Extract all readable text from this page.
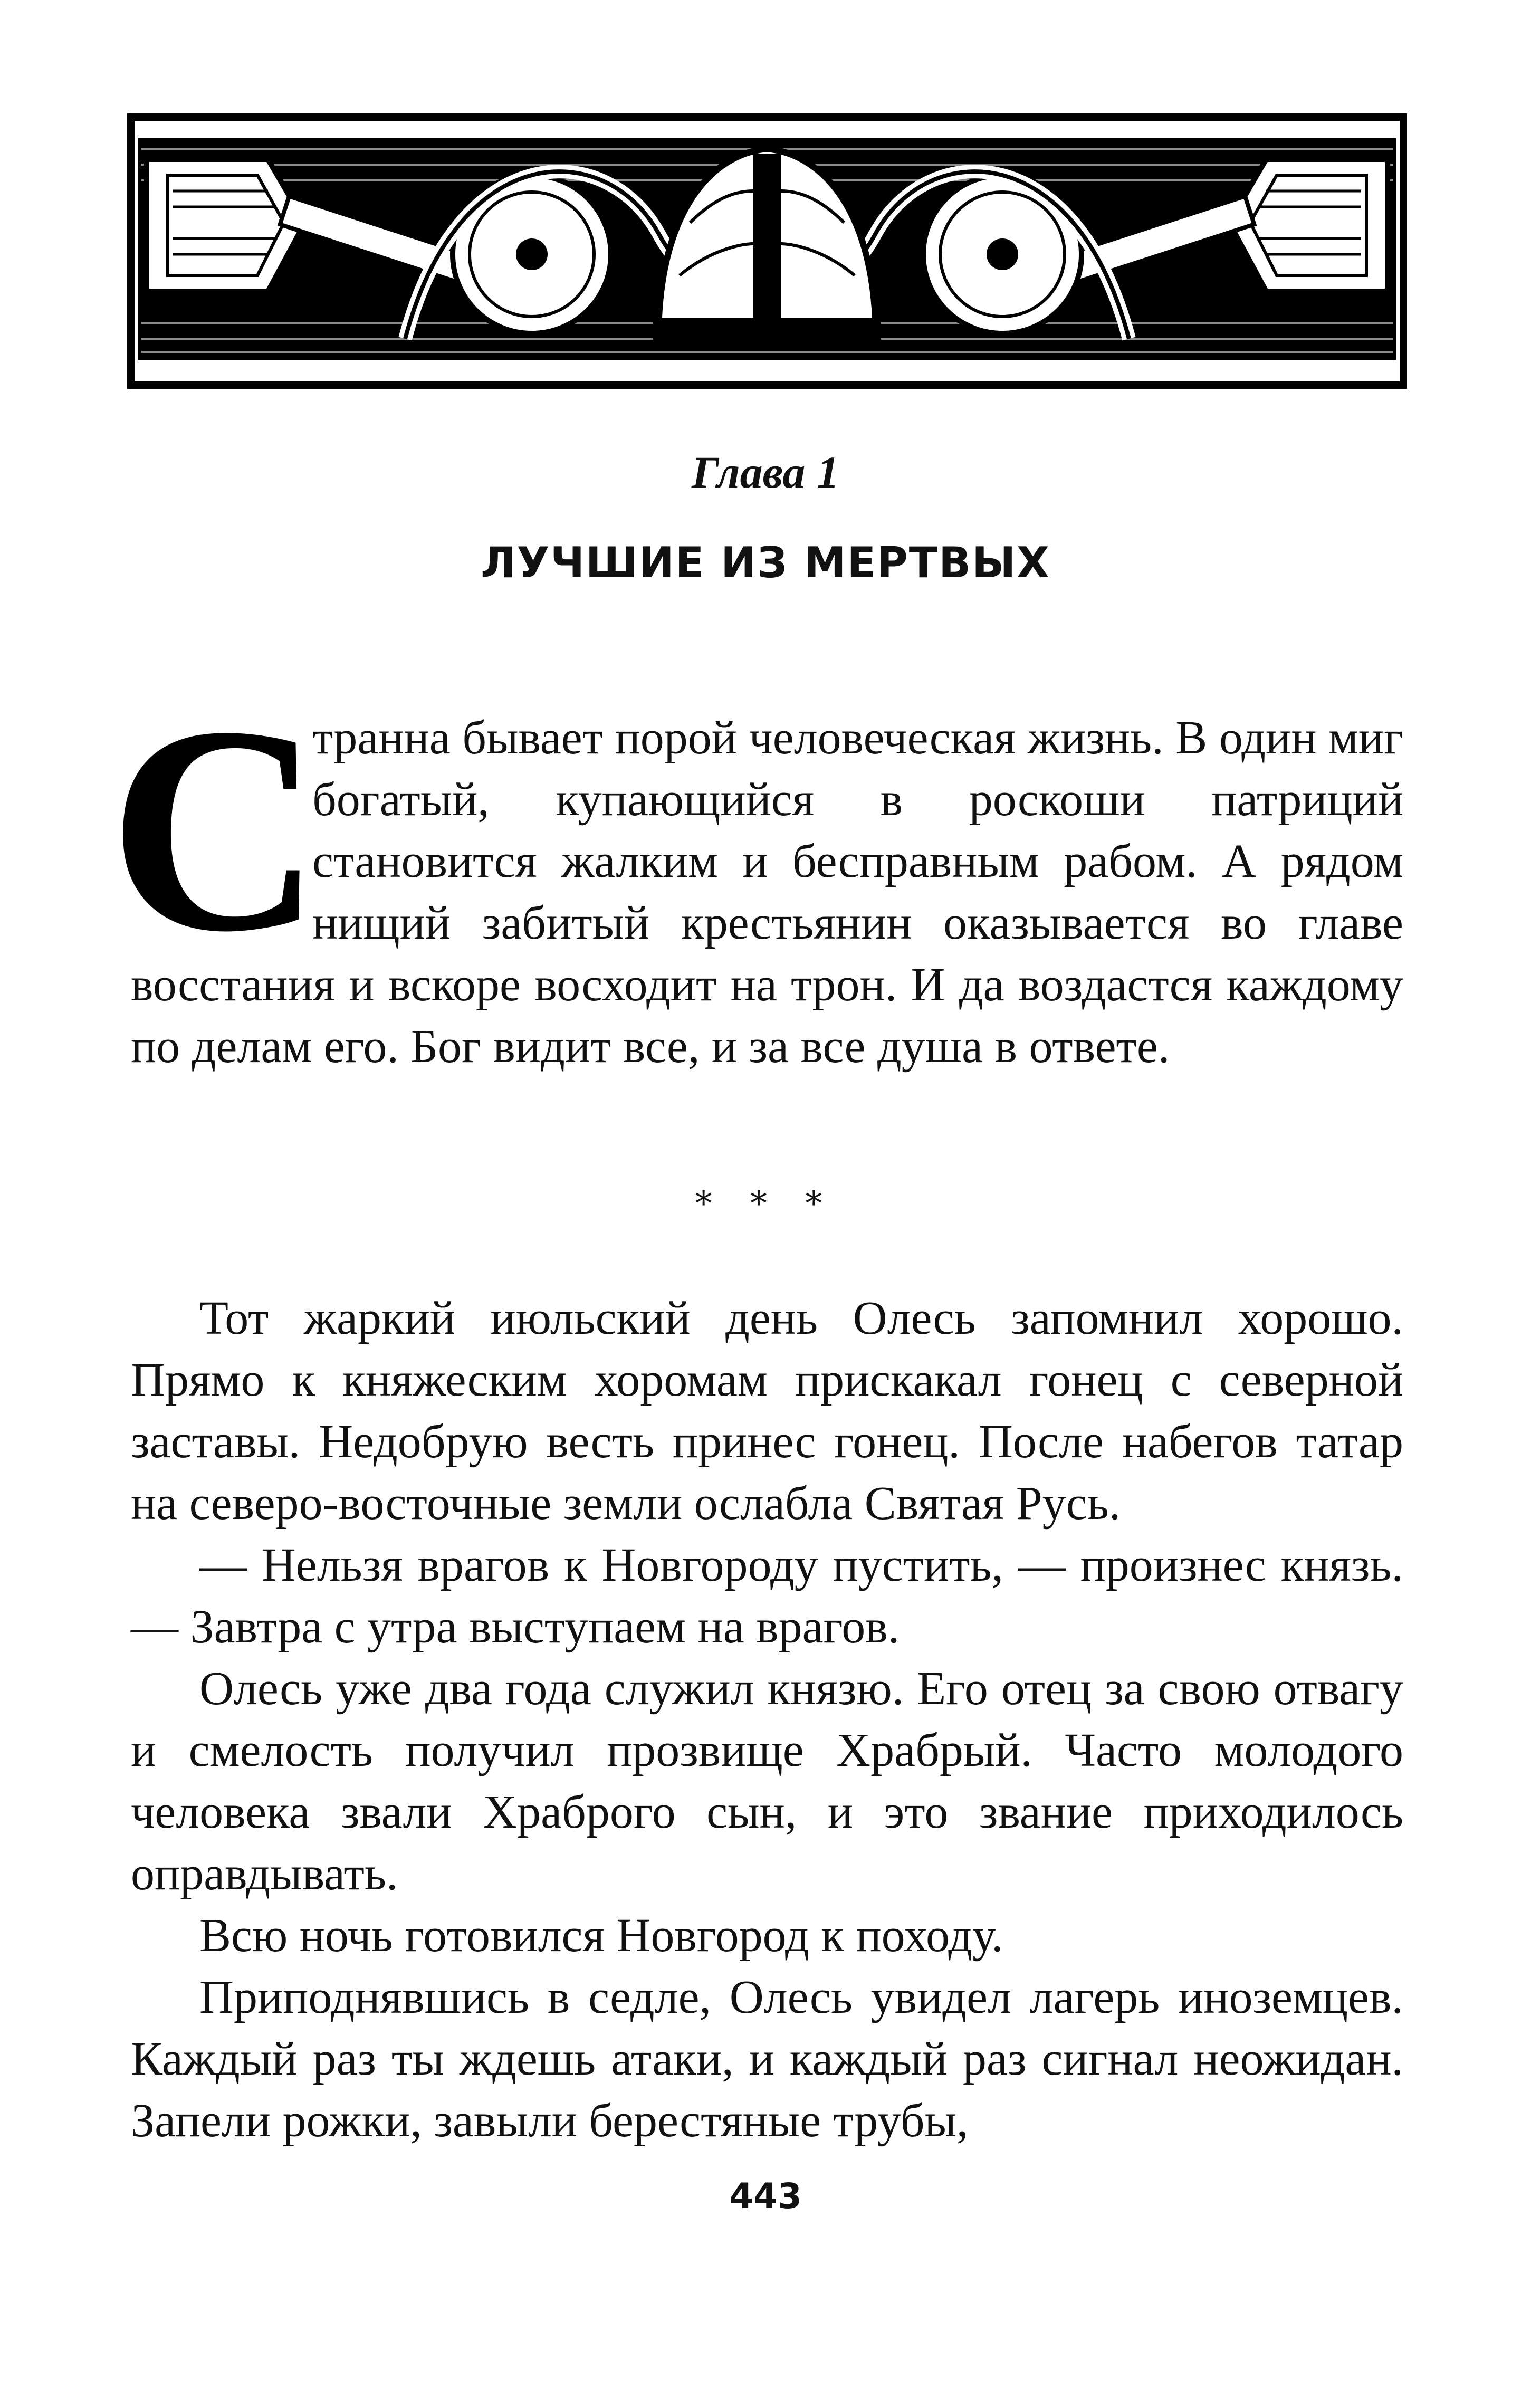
Глава 1
ЛУЧШИЕ ИЗ МЕРТВЫХ
С

транна бывает порой человеческая жизнь. В один миг богатый, купающийся в роскоши патриций становится жалким и бесправным рабом. А рядом нищий забитый крестьянин оказывается во главе восстания и вскоре восходит на трон. И да воздастся каждому по делам его. Бог видит все, и за все душа в ответе.

* * *

Тот жаркий июльский день Олесь запомнил хорошо. Прямо к княжеским хоромам прискакал гонец с северной заставы. Недобрую весть принес гонец. После набегов татар на северо-восточные земли ослабла Святая Русь.

— Нельзя врагов к Новгороду пустить, — произнес князь. — Завтра с утра выступаем на врагов.

Олесь уже два года служил князю. Его отец за свою отвагу и смелость получил прозвище Храбрый. Часто молодого человека звали Храброго сын, и это звание приходилось оправдывать.

Всю ночь готовился Новгород к походу.

Приподнявшись в седле, Олесь увидел лагерь иноземцев. Каждый раз ты ждешь атаки, и каждый раз сигнал неожидан. Запели рожки, завыли берестяные трубы,

443
